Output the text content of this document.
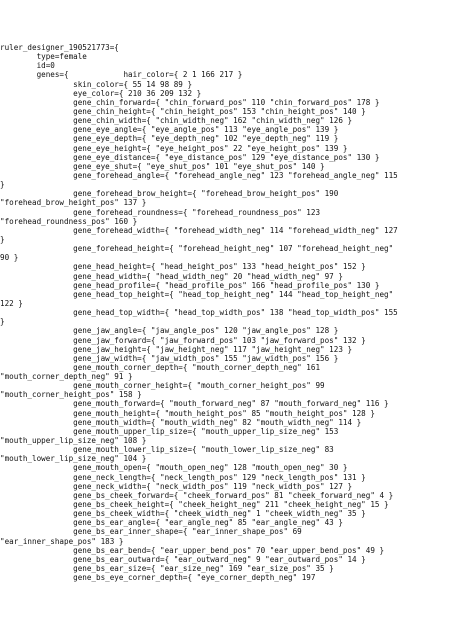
ruler_designer_190521773={
type=female
id=0
genes={            hair_color={ 2 1 166 217 }
skin_color={ 55 14 98 89 }
eye_color={ 210 36 209 132 }
gene_chin_forward={ "chin_forward_pos" 110 "chin_forward_pos" 178 }
gene_chin_height={ "chin_height_pos" 153 "chin_height_pos" 140 }
gene_chin_width={ "chin_width_neg" 162 "chin_width_neg" 126 }
gene_eye_angle={ "eye_angle_pos" 113 "eye_angle_pos" 139 }
gene_eye_depth={ "eye_depth_neg" 102 "eye_depth_neg" 119 }
gene_eye_height={ "eye_height_pos" 22 "eye_height_pos" 139 }
gene_eye_distance={ "eye_distance_pos" 129 "eye_distance_pos" 130 }
gene_eye_shut={ "eye_shut_pos" 101 "eye_shut_pos" 140 }
gene_forehead_angle={ "forehead_angle_neg" 123 "forehead_angle_neg" 115
}
gene_forehead_brow_height={ "forehead_brow_height_pos" 190
"forehead_brow_height_pos" 137 }
gene_forehead_roundness={ "forehead_roundness_pos" 123
"forehead_roundness_pos" 160 }
gene_forehead_width={ "forehead_width_neg" 114 "forehead_width_neg" 127
}
gene_forehead_height={ "forehead_height_neg" 107 "forehead_height_neg"
90 }
gene_head_height={ "head_height_pos" 133 "head_height_pos" 152 }
gene_head_width={ "head_width_neg" 20 "head_width_neg" 97 }
gene_head_profile={ "head_profile_pos" 166 "head_profile_pos" 130 }
gene_head_top_height={ "head_top_height_neg" 144 "head_top_height_neg"
122 }
gene_head_top_width={ "head_top_width_pos" 138 "head_top_width_pos" 155
}
gene_jaw_angle={ "jaw_angle_pos" 120 "jaw_angle_pos" 128 }
gene_jaw_forward={ "jaw_forward_pos" 103 "jaw_forward_pos" 132 }
gene_jaw_height={ "jaw_height_neg" 117 "jaw_height_neg" 123 }
gene_jaw_width={ "jaw_width_pos" 155 "jaw_width_pos" 156 }
gene_mouth_corner_depth={ "mouth_corner_depth_neg" 161
"mouth_corner_depth_neg" 91 }
gene_mouth_corner_height={ "mouth_corner_height_pos" 99
"mouth_corner_height_pos" 158 }
gene_mouth_forward={ "mouth_forward_neg" 87 "mouth_forward_neg" 116 }
gene_mouth_height={ "mouth_height_pos" 85 "mouth_height_pos" 128 }
gene_mouth_width={ "mouth_width_neg" 82 "mouth_width_neg" 114 }
gene_mouth_upper_lip_size={ "mouth_upper_lip_size_neg" 153
"mouth_upper_lip_size_neg" 108 }
gene_mouth_lower_lip_size={ "mouth_lower_lip_size_neg" 83
"mouth_lower_lip_size_neg" 104 }
gene_mouth_open={ "mouth_open_neg" 128 "mouth_open_neg" 30 }
gene_neck_length={ "neck_length_pos" 129 "neck_length_pos" 131 }
gene_neck_width={ "neck_width_pos" 119 "neck_width_pos" 127 }
gene_bs_cheek_forward={ "cheek_forward_pos" 81 "cheek_forward_neg" 4 }
gene_bs_cheek_height={ "cheek_height_neg" 211 "cheek_height_neg" 15 }
gene_bs_cheek_width={ "cheek_width_neg" 1 "cheek_width_neg" 35 }
gene_bs_ear_angle={ "ear_angle_neg" 85 "ear_angle_neg" 43 }
gene_bs_ear_inner_shape={ "ear_inner_shape_pos" 69
"ear_inner_shape_pos" 183 }
gene_bs_ear_bend={ "ear_upper_bend_pos" 70 "ear_upper_bend_pos" 49 }
gene_bs_ear_outward={ "ear_outward_neg" 9 "ear_outward_pos" 14 }
gene_bs_ear_size={ "ear_size_neg" 169 "ear_size_pos" 35 }
gene_bs_eye_corner_depth={ "eye_corner_depth_neg" 197
